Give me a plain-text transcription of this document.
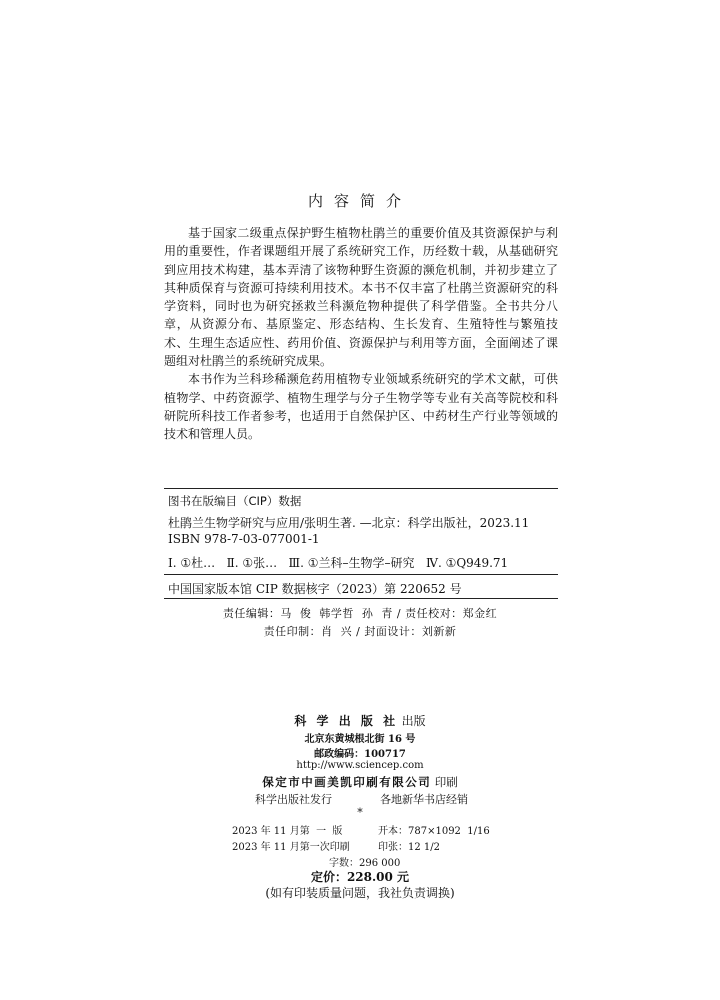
内容简介

基于国家二级重点保护野生植物杜鹃兰的重要价值及其资源保护与利用的重要性，作者课题组开展了系统研究工作，历经数十载，从基础研究到应用技术构建，基本弄清了该物种野生资源的濒危机制，并初步建立了其种质保育与资源可持续利用技术。本书不仅丰富了杜鹃兰资源研究的科学资料，同时也为研究拯救兰科濒危物种提供了科学借鉴。全书共分八章，从资源分布、基原鉴定、形态结构、生长发育、生殖特性与繁殖技术、生理生态适应性、药用价值、资源保护与利用等方面，全面阐述了课题组对杜鹃兰的系统研究成果。

本书作为兰科珍稀濒危药用植物专业领域系统研究的学术文献，可供植物学、中药资源学、植物生理学与分子生物学等专业有关高等院校和科研院所科技工作者参考，也适用于自然保护区、中药材生产行业等领域的技术和管理人员。

图书在版编目（CIP）数据
杜鹃兰生物学研究与应用/张明生著. —北京：科学出版社，2023.11
ISBN 978-7-03-077001-1
Ⅰ. ①杜…   Ⅱ. ①张…   Ⅲ. ①兰科–生物学–研究   Ⅳ. ①Q949.71
中国国家版本馆 CIP 数据核字（2023）第 220652 号
责任编辑：马  俊  韩学哲  孙  青 / 责任校对：郑金红
责任印制：肖  兴 / 封面设计：刘新新
科 学 出 版 社 出版
北京东黄城根北街 16 号
邮政编码：100717
http://www.sciencep.com
保定市中画美凯印刷有限公司 印刷
科学出版社发行	各地新华书店经销
*
2023 年 11 月第  一  版	开本：787×1092  1/16
2023 年 11 月第一次印刷	印张：12 1/2
字数：296 000
定价：228.00 元
(如有印装质量问题，我社负责调换)
